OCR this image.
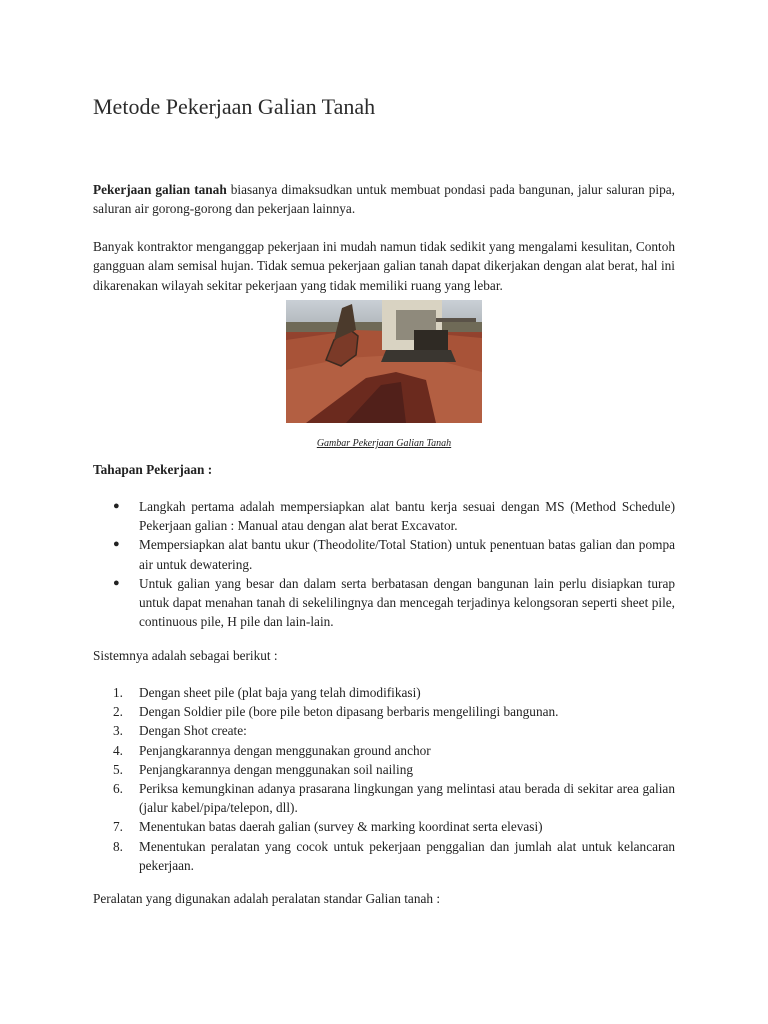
Metode Pekerjaan Galian Tanah

Pekerjaan galian tanah biasanya dimaksudkan untuk membuat pondasi pada bangunan, jalur saluran pipa, saluran air gorong-gorong dan pekerjaan lainnya.

Banyak kontraktor menganggap pekerjaan ini mudah namun tidak sedikit yang mengalami kesulitan, Contoh gangguan alam semisal hujan. Tidak semua pekerjaan galian tanah dapat dikerjakan dengan alat berat, hal ini dikarenakan wilayah sekitar pekerjaan yang tidak memiliki ruang yang lebar.

Gambar Pekerjaan Galian Tanah

Tahapan Pekerjaan :

● Langkah pertama adalah mempersiapkan alat bantu kerja sesuai dengan MS (Method Schedule) Pekerjaan galian : Manual atau dengan alat berat Excavator.
● Mempersiapkan alat bantu ukur (Theodolite/Total Station) untuk penentuan batas galian dan pompa air untuk dewatering.
● Untuk galian yang besar dan dalam serta berbatasan dengan bangunan lain perlu disiapkan turap untuk dapat menahan tanah di sekelilingnya dan mencegah terjadinya kelongsoran seperti sheet pile, continuous pile, H pile dan lain-lain.

Sistemnya adalah sebagai berikut :

1. Dengan sheet pile (plat baja yang telah dimodifikasi)
2. Dengan Soldier pile (bore pile beton dipasang berbaris mengelilingi bangunan.
3. Dengan Shot create:
4. Penjangkarannya dengan menggunakan ground anchor
5. Penjangkarannya dengan menggunakan soil nailing
6. Periksa kemungkinan adanya prasarana lingkungan yang melintasi atau berada di sekitar area galian (jalur kabel/pipa/telepon, dll).
7. Menentukan batas daerah galian (survey & marking koordinat serta elevasi)
8. Menentukan peralatan yang cocok untuk pekerjaan penggalian dan jumlah alat untuk kelancaran pekerjaan.

Peralatan yang digunakan adalah peralatan standar Galian tanah :
